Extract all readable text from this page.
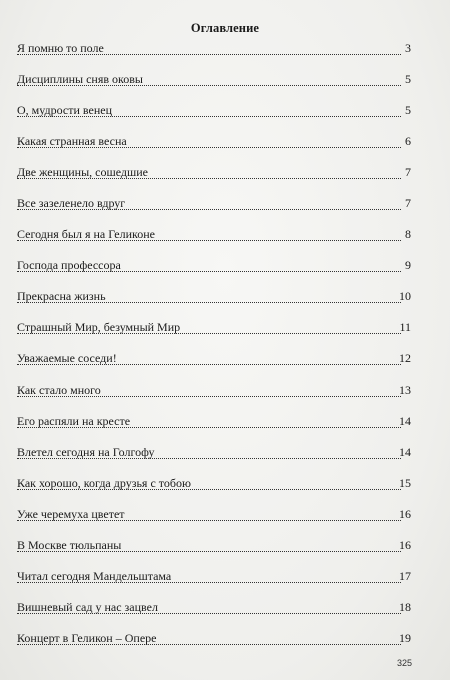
Оглавление
Я помню то поле	3
Дисциплины сняв оковы	5
О, мудрости венец	5
Какая странная весна	6
Две женщины, сошедшие	7
Все зазеленело вдруг	7
Сегодня был я на Геликоне	8
Господа профессора	9
Прекрасна жизнь	10
Страшный Мир, безумный Мир	11
Уважаемые соседи!	12
Как стало много	13
Его распяли на кресте	14
Влетел сегодня на Голгофу	14
Как хорошо, когда друзья с тобою	15
Уже черемуха цветет	16
В Москве тюльпаны	16
Читал сегодня Мандельштама	17
Вишневый сад у нас зацвел	18
Концерт в Геликон – Опере	19
325
